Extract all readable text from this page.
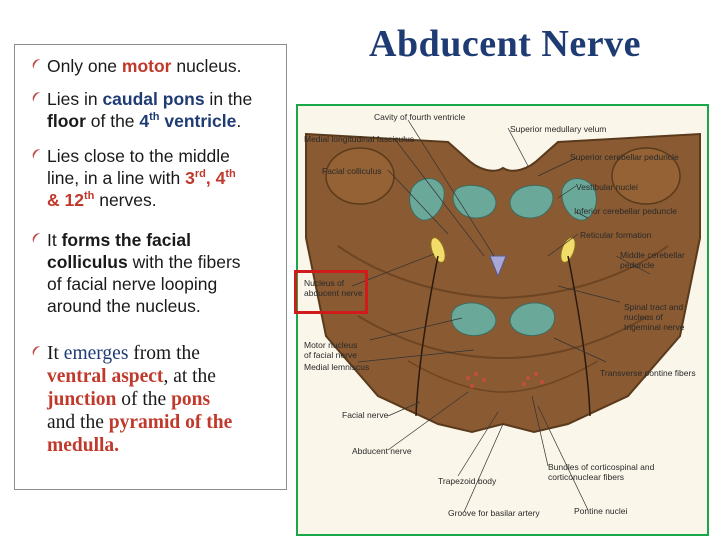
Abducent Nerve
Only one motor nucleus.
Lies in caudal pons in the
floor of the 4th ventricle.
Lies close to the middle
line, in a line with 3rd, 4th
& 12th nerves.
It forms the facial
colliculus with the fibers
of facial nerve looping
around the nucleus.
It emerges from the
ventral aspect, at the
junction of the pons
and the pyramid of the
medulla.
Cavity of fourth ventricle
Medial longitudinal fasciculus
Superior medullary velum
Superior cerebellar peduncle
Facial colliculus
Vestibular nuclei
Inferior cerebellar peduncle
Reticular formation
Nucleus of
abducent nerve
Middle cerebellar
peduncle
Spinal tract and
nucleus of
trigeminal nerve
Motor nucleus
of facial nerve
Medial lemniscus
Transverse pontine fibers
Facial nerve
Abducent nerve
Trapezoid body
Bundles of corticospinal and
corticonuclear fibers
Groove for basilar artery	Pontine nuclei
